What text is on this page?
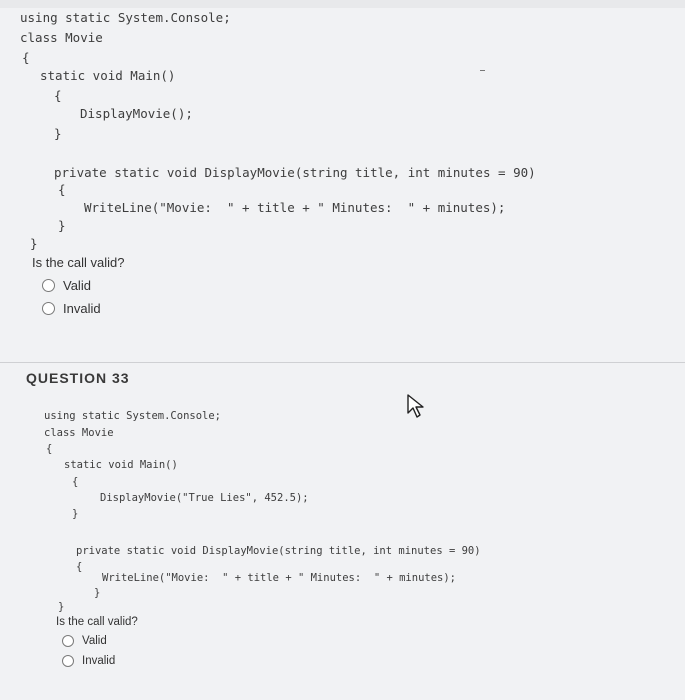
using static System.Console;
class Movie
{
static void Main()
{
DisplayMovie();
}
private static void DisplayMovie(string title, int minutes = 90)
{
WriteLine("Movie:  " + title + " Minutes:  " + minutes);
}
}
Is the call valid?
Valid
Invalid
QUESTION 33
using static System.Console;
class Movie
{
static void Main()
{
DisplayMovie("True Lies", 452.5);
}
private static void DisplayMovie(string title, int minutes = 90)
{
WriteLine("Movie:  " + title + " Minutes:  " + minutes);
}
}
Is the call valid?
Valid
Invalid
